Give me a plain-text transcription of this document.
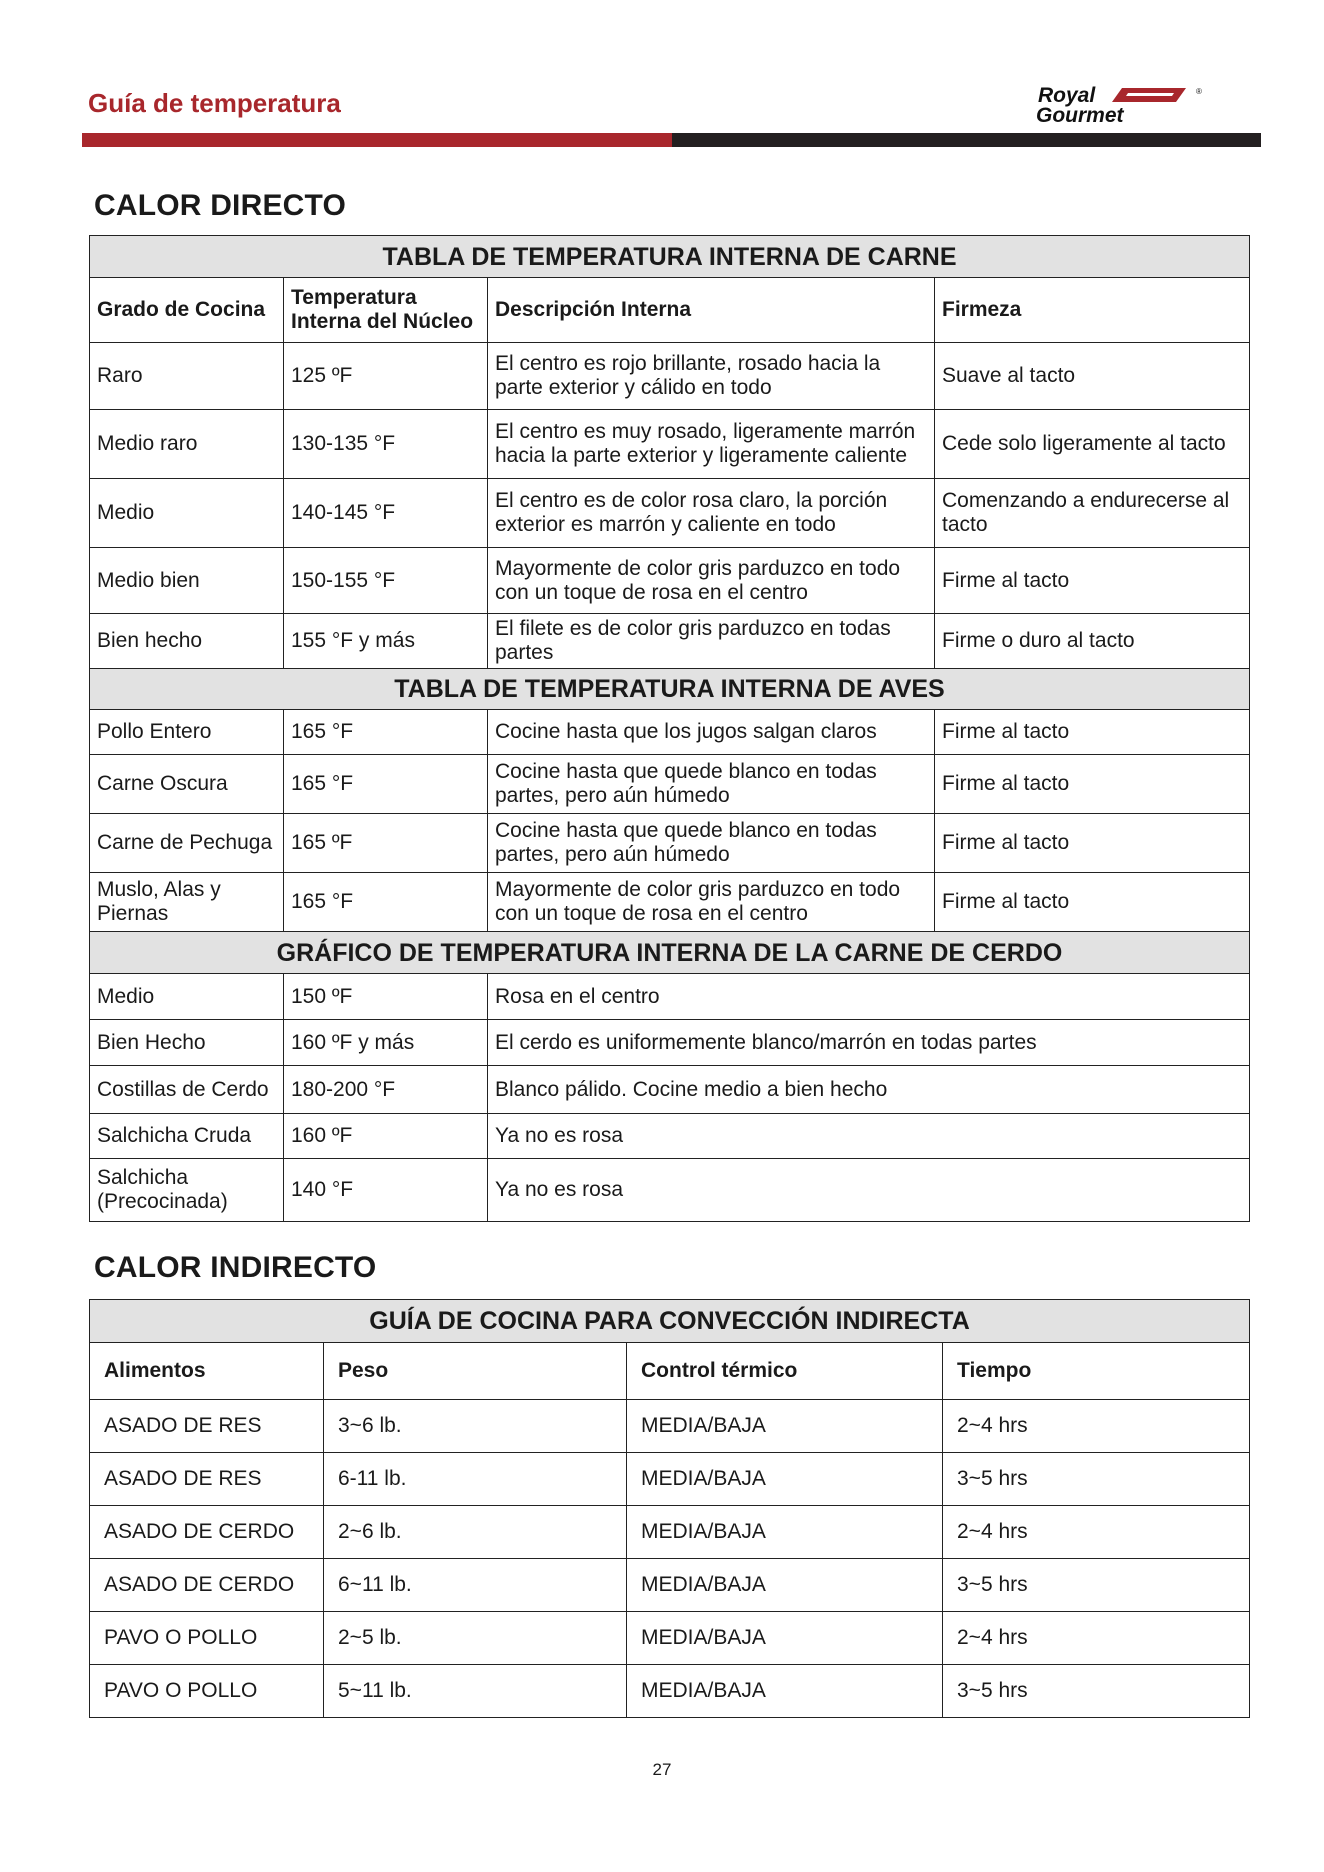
Guía de temperatura	Royal
Gourmet
®
CALOR DIRECTO
TABLA DE TEMPERATURA INTERNA DE CARNE			
Grado de Cocina	Temperatura Interna del Núcleo	Descripción Interna	Firmeza
Raro	125 ºF	El centro es rojo brillante, rosado hacia la parte exterior y cálido en todo	Suave al tacto
Medio raro	130-135 °F	El centro es muy rosado, ligeramente marrón hacia la parte exterior y ligeramente caliente	Cede solo ligeramente al tacto
Medio	140-145 °F	El centro es de color rosa claro, la porción exterior es marrón y caliente en todo	Comenzando a endurecerse al tacto
Medio bien	150-155 °F	Mayormente de color gris parduzco en todo con un toque de rosa en el centro	Firme al tacto
Bien hecho	155 °F y más	El filete es de color gris parduzco en todas partes	Firme o duro al tacto
TABLA DE TEMPERATURA INTERNA DE AVES			
Pollo Entero	165 °F	Cocine hasta que los jugos salgan claros	Firme al tacto
Carne Oscura	165 °F	Cocine hasta que quede blanco en todas partes, pero aún húmedo	Firme al tacto
Carne de Pechuga	165 ºF	Cocine hasta que quede blanco en todas partes, pero aún húmedo	Firme al tacto
Muslo, Alas y Piernas	165 °F	Mayormente de color gris parduzco en todo con un toque de rosa en el centro	Firme al tacto
GRÁFICO DE TEMPERATURA INTERNA DE LA CARNE DE CERDO			
Medio	150 ºF	Rosa en el centro	
Bien Hecho	160 ºF y más	El cerdo es uniformemente blanco/marrón en todas partes	
Costillas de Cerdo	180-200 °F	Blanco pálido. Cocine medio a bien hecho	
Salchicha Cruda	160 ºF	Ya no es rosa	
Salchicha (Precocinada)	140 °F	Ya no es rosa	
CALOR INDIRECTO
GUÍA DE COCINA PARA CONVECCIÓN INDIRECTA			
Alimentos	Peso	Control térmico	Tiempo
ASADO DE RES	3~6 lb.	MEDIA/BAJA	2~4 hrs
ASADO DE RES	6-11 lb.	MEDIA/BAJA	3~5 hrs
ASADO DE CERDO	2~6 lb.	MEDIA/BAJA	2~4 hrs
ASADO DE CERDO	6~11 lb.	MEDIA/BAJA	3~5 hrs
PAVO O POLLO	2~5 lb.	MEDIA/BAJA	2~4 hrs
PAVO O POLLO	5~11 lb.	MEDIA/BAJA	3~5 hrs
27
